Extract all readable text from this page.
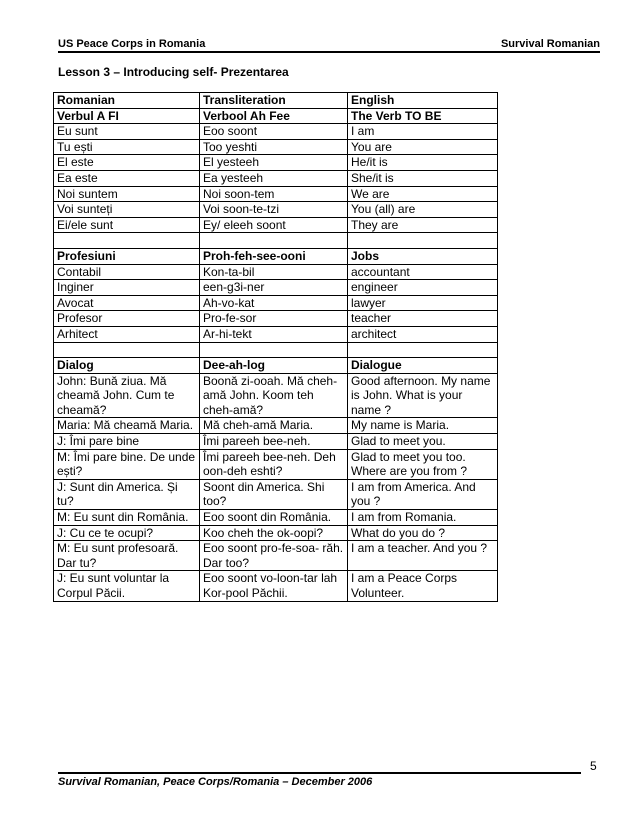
US Peace Corps in Romania	Survival Romanian
Lesson 3 – Introducing self- Prezentarea
Romanian	Transliteration	English
Verbul A FI	Verbool Ah Fee	The Verb TO BE
Eu sunt	Eoo soont	I am
Tu ești	Too yeshti	You are
El este	El yesteeh	He/it is
Ea este	Ea yesteeh	She/it is
Noi suntem	Noi soon-tem	We are
Voi sunteți	Voi soon-te-tzi	You (all) are
Ei/ele sunt	Ey/ eleeh soont	They are

Profesiuni	Proh-feh-see-ooni	Jobs
Contabil	Kon-ta-bil	accountant
Inginer	een-g3i-ner	engineer
Avocat	Ah-vo-kat	lawyer
Profesor	Pro-fe-sor	teacher
Arhitect	Ar-hi-tekt	architect

Dialog	Dee-ah-log	Dialogue
John: Bună ziua. Mă cheamă John. Cum te cheamă?	Boonă zi-ooah. Mă cheh-amă John. Koom teh cheh-amă?	Good afternoon. My name is John. What is your name ?
Maria: Mă cheamă Maria.	Mă cheh-amă Maria.	My name is Maria.
J: Îmi pare bine	Îmi pareeh bee-neh.	Glad to meet you.
M: Îmi pare bine. De unde ești?	Îmi pareeh bee-neh. Deh oon-deh eshti?	Glad to meet you too. Where are you from ?
J: Sunt din America. Și tu?	Soont din America. Shi too?	I am from America. And you ?
M: Eu sunt din România.	Eoo soont din România.	I am from Romania.
J: Cu ce te ocupi?	Koo cheh the ok-oopi?	What do you do ?
M: Eu sunt profesoară. Dar tu?	Eoo soont pro-fe-soa- răh. Dar too?	I am a teacher. And you ?
J: Eu sunt voluntar la Corpul Păcii.	Eoo soont vo-loon-tar lah Kor-pool Păchii.	I am a Peace Corps Volunteer.
5
Survival Romanian, Peace Corps/Romania – December 2006
